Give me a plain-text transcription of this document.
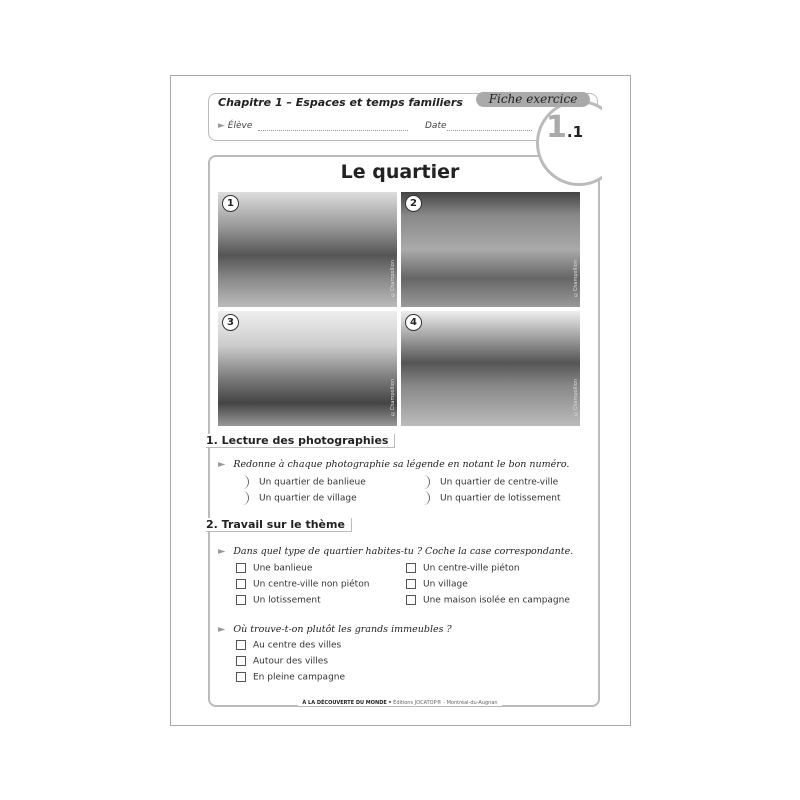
Chapitre 1 – Espaces et temps familiers
► Élève	Date
Fiche exercice
1.1
Le quartier
1
©Champollion
2
©Champollion
3
©Champollion
4
©Champollion
1. Lecture des photographies
► Redonne à chaque photographie sa légende en notant le bon numéro.
Un quartier de banlieue
Un quartier de village
Un quartier de centre-ville
Un quartier de lotissement
2. Travail sur le thème
► Dans quel type de quartier habites-tu ? Coche la case correspondante.
Une banlieue
Un centre-ville non piéton
Un lotissement
Un centre-ville piéton
Un village
Une maison isolée en campagne
► Où trouve-t-on plutôt les grands immeubles ?
Au centre des villes
Autour des villes
En pleine campagne
À LA DÉCOUVERTE DU MONDE • Éditions JOCATOP® - Montréal-du-Augnan
